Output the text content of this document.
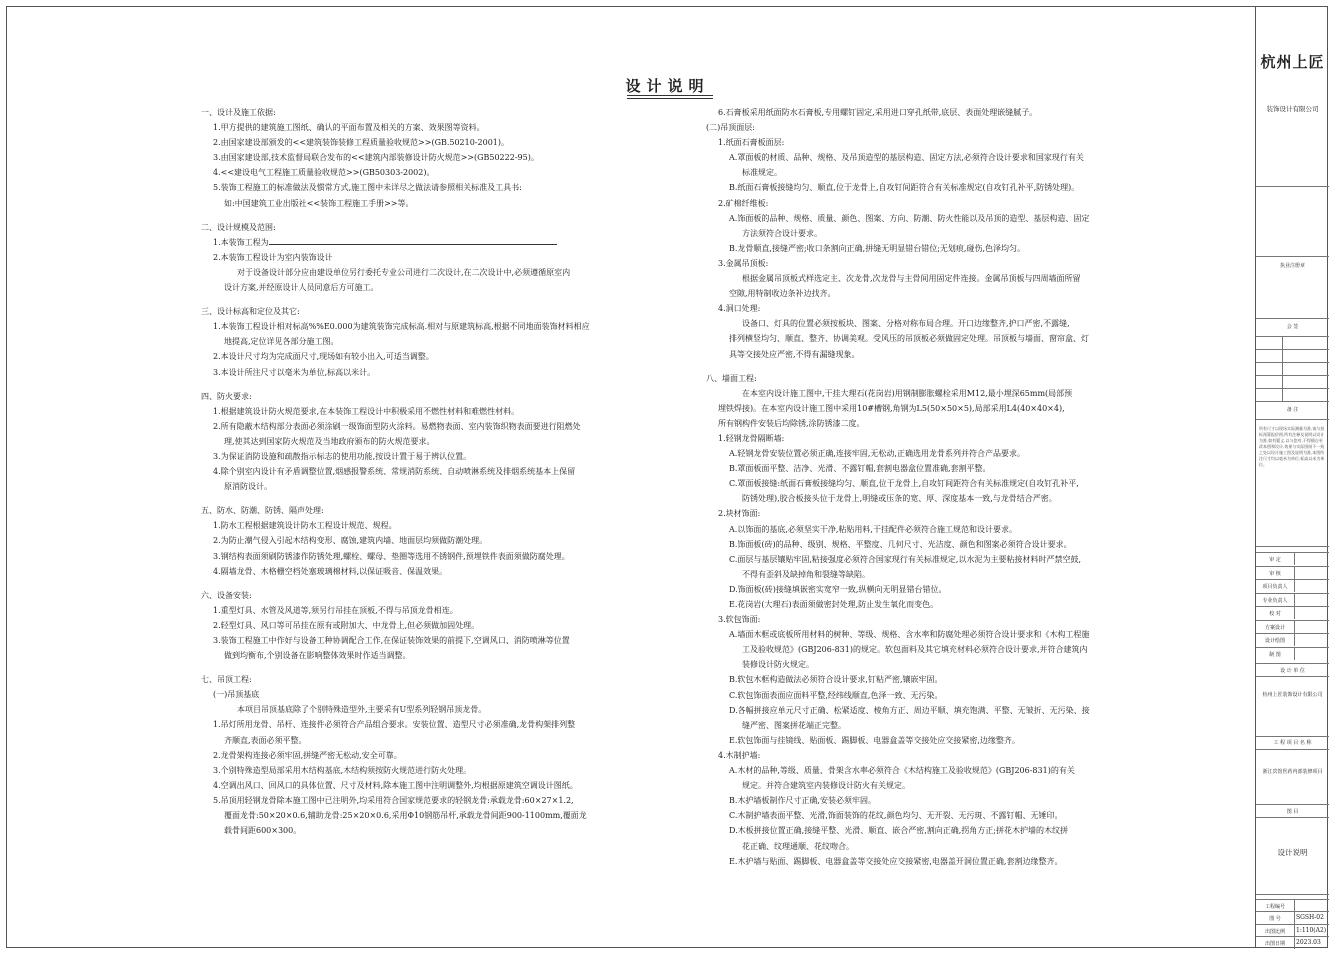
设计说明
一、设计及施工依据:
1.甲方提供的建筑施工图纸、确认的平面布置及相关的方案、效果图等资料。
2.由国家建设部颁发的<<建筑装饰装修工程质量验收规范>>(GB.50210-2001)。
3.由国家建设部,技术监督局联合发布的<<建筑内部装修设计防火规范>>(GB50222-95)。
4.<<建设电气工程施工质量验收规范>>(GB50303-2002)。
5.装饰工程施工的标准做法及惯常方式,施工图中未详尽之做法请参照相关标准及工具书:
如:中国建筑工业出版社<<装饰工程施工手册>>等。
二、设计规模及范围:
1.本装饰工程为
2.本装饰工程设计为室内装饰设计
对于设备设计部分应由建设单位另行委托专业公司进行二次设计,在二次设计中,必须遵循原室内
设计方案,并经原设计人员同意后方可施工。
三、设计标高和定位及其它:
1.本装饰工程设计相对标高%%E0.000为建筑装饰完成标高.相对与原建筑标高,根据不同地面装饰材料相应
地提高,定位详见各部分施工图。
2.本设计尺寸均为完成面尺寸,现场如有较小出入,可适当调整。
3.本设计所注尺寸以毫米为单位,标高以米计。
四、防火要求:
1.根据建筑设计防火规范要求,在本装饰工程设计中积极采用不燃性材料和难燃性材料。
2.所有隐蔽木结构部分表面必须涂刷一级饰面型防火涂料。易燃物表面、室内装饰织物表面要进行阻燃处
理,使其达到国家防火规范及当地政府颁布的防火规范要求。
3.为保证消防设施和疏散指示标志的使用功能,按设计置于易于辨认位置。
4.除个别室内设计有矛盾调整位置,烟感报警系统、常规消防系统、自动喷淋系统及排烟系统基本上保留
原消防设计。
五、防水、防潮、防锈、隔声处理:
1.防水工程根据建筑设计防水工程设计规范、规程。
2.为防止潮气侵入引起木结构变形、腐蚀,建筑内墙、地面层均须做防潮处理。
3.钢结构表面须刷防锈漆作防锈处理,螺栓、螺母、垫圈等选用不锈钢件,预埋铁件表面须做防腐处理。
4.隔墙龙骨、木格栅空档处塞玻璃棉材料,以保证吸音、保温效果。
六、设备安装:
1.重型灯具、水管及风道等,须另行吊挂在顶板,不得与吊顶龙骨相连。
2.轻型灯具、风口等可吊挂在原有或附加大、中龙骨上,但必须做加固处理。
3.装饰工程施工中作好与设备工种协调配合工作,在保证装饰效果的前提下,空调风口、消防喷淋等位置
做到均衡布,个别设备在影响整体效果时作适当调整。
七、吊顶工程:
(一)吊顶基底
本项目吊顶基底除了个别特殊造型外,主要采有U型系列轻钢吊顶龙骨。
1.吊灯所用龙骨、吊杆、连接件必须符合产品组合要求。安装位置、造型尺寸必须准确,龙骨构架排列整
齐顺直,表面必须平整。
2.龙骨架构连接必须牢固,拼缝严密无松动,安全可靠。
3.个别特殊造型局部采用木结构基底,木结构须按防火规范进行防火处理。
4.空调出风口、回风口的具体位置、尺寸及材料,除本施工图中注明调整外,均根据原建筑空调设计图纸。
5.吊顶用轻钢龙骨除本施工图中已注明外,均采用符合国家规范要求的轻钢龙骨:承载龙骨:60×27×1.2,
覆面龙骨:50×20×0.6,辅助龙骨:25×20×0.6,采用Φ10钢筋吊杆,承载龙骨间距900-1100mm,覆面龙
载骨间距600×300。
6.石膏板采用纸面防水石膏板,专用螺钉固定,采用进口穿孔纸带,底层、表面处理嵌缝腻子。
(二)吊顶面层:
1.纸面石膏板面层:
A.罩面板的材质、品种、规格、及吊顶造型的基层构造、固定方法,必须符合设计要求和国家现行有关
标准规定。
B.纸面石膏板接缝均匀、顺直,位于龙骨上,自攻钉间距符合有关标准规定(自攻钉孔补平,防锈处理)。
2.矿棉纤维板:
A.饰面板的品种、规格、质量、颜色、图案、方向、防潮、防火性能以及吊顶的造型、基层构造、固定
方法须符合设计要求。
B.龙骨顺直,接缝严密;收口条割向正确,拼缝无明显错台错位;无划痕,碰伤,色泽均匀。
3.金属吊顶板:
根据金属吊顶板式样选定主、次龙骨,次龙骨与主骨间用固定件连接。金属吊顶板与四周墙面所留
空隙,用特制收边条补边找齐。
4.洞口处理:
设备口、灯具的位置必须按板块、图案、分格对称布局合理。开口边缘整齐,护口严密,不露缝,
排列横竖均匀、顺直、整齐、协调美观。受风压的吊顶板必须做固定处理。吊顶板与墙面、窗帘盒、灯
具等交接处应严密,不得有漏缝现象。
八、墙面工程:
在本室内设计施工图中,干挂大理石(花岗岩)用钢制膨胀螺栓采用M12,最小埋深65mm(局部预
埋铁焊接)。在本室内设计施工图中采用10#槽钢,角钢为L5(50×50×5),局部采用L4(40×40×4),
所有钢构件安装后均除锈,涂防锈漆二度。
1.轻钢龙骨隔断墙:
A.轻钢龙骨安装位置必须正确,连接牢固,无松动,正确选用龙骨系列并符合产品要求。
B.罩面板面平整、洁净、光滑、不露钉帽,套割电器盒位置准确,套割平整。
C.罩面板接缝:纸面石膏板接缝均匀、顺直,位于龙骨上,自攻钉间距符合有关标准规定(自攻钉孔补平,
防锈处理),胶合板接头位于龙骨上,明缝或压条的宽、厚、深度基本一致,与龙骨结合严密。
2.块材饰面:
A.以饰面的基底,必须坚实干净,粘贴用料,干挂配件必须符合施工规范和设计要求。
B.饰面板(砖)的品种、级别、规格、平整度、几何尺寸、光洁度、颜色和图案必须符合设计要求。
C.面层与基层镶贴牢固,粘接强度必须符合国家现行有关标准规定,以水泥为主要粘接材料时严禁空鼓,
不得有歪斜及缺掉角和裂缝等缺陷。
D.饰面板(砖)接缝填嵌密实宽窄一致,纵横向无明显错台错位。
E.花岗岩(大理石)表面须做密封处理,防止发生氧化而变色。
3.软包饰面:
A.墙面木框或底板所用材料的树种、等级、规格、含水率和防腐处理必须符合设计要求和《木构工程施
工及验收规范》(GBJ206-831)的规定。软包面料及其它填充材料必须符合设计要求,并符合建筑内
装修设计防火规定。
B.软包木框构造做法必须符合设计要求,钉粘严密,镶嵌牢固。
C.软包饰面表面应面料平整,经纬线顺直,色泽一致、无污染。
D.各幅拼接应单元尺寸正确、松紧适度、棱角方正、周边平顺、填充饱满、平整、无皱折、无污染、接
缝严密、图案拼花端正完整。
E.软包饰面与挂镜线、贴面板、踢脚板、电器盒盖等交接处应交接紧密,边缘整齐。
4.木制护墙:
A.木材的品种,等级、质量、骨架含水率必须符合《木结构施工及验收规范》(GBJ206-831)的有关
规定。并符合建筑室内装修设计防火有关规定。
B.木护墙板制作尺寸正确,安装必须牢固。
C.木制护墙表面平整、光滑,饰面装饰的花纹,颜色均匀、无开裂、无污斑、不露钉帽、无锤印。
D.木板拼接位置正确,接缝平整、光滑、顺直、嵌合严密,割向正确,拐角方正;拼花木护墙的木纹拼
花正确、纹理通顺、花纹吻合。
E.木护墙与贴面、踢脚板、电器盒盖等交接处应交接紧密,电器盖开洞位置正确,套割边缘整齐。
杭州上匠
装饰设计有限公司
执业注册章
会 签
备 注
所有尺寸以现场实际测量为准,请与投标预算报价图,所有注释及说明以设计为准,如有疑义,以与您对,不得擅自更改本图和设计,效果与实际图纸不一致之处以设计施工图及说明为准,本图所注尺寸均以毫米为单位,标高以米为单位。
审 定
审 核
项目负责人
专业负责人
校 对
方案设计
设计绘图
制 图
设 计 单 位
杭州上匠装饰设计有限公司
工 程 项 目 名 称
浙江宾馆医药内部装修项目
图 目
设计说明
工程编号
图 号	SGSH-02
出图比例	1:110(A2)
出图日期	2023.03
